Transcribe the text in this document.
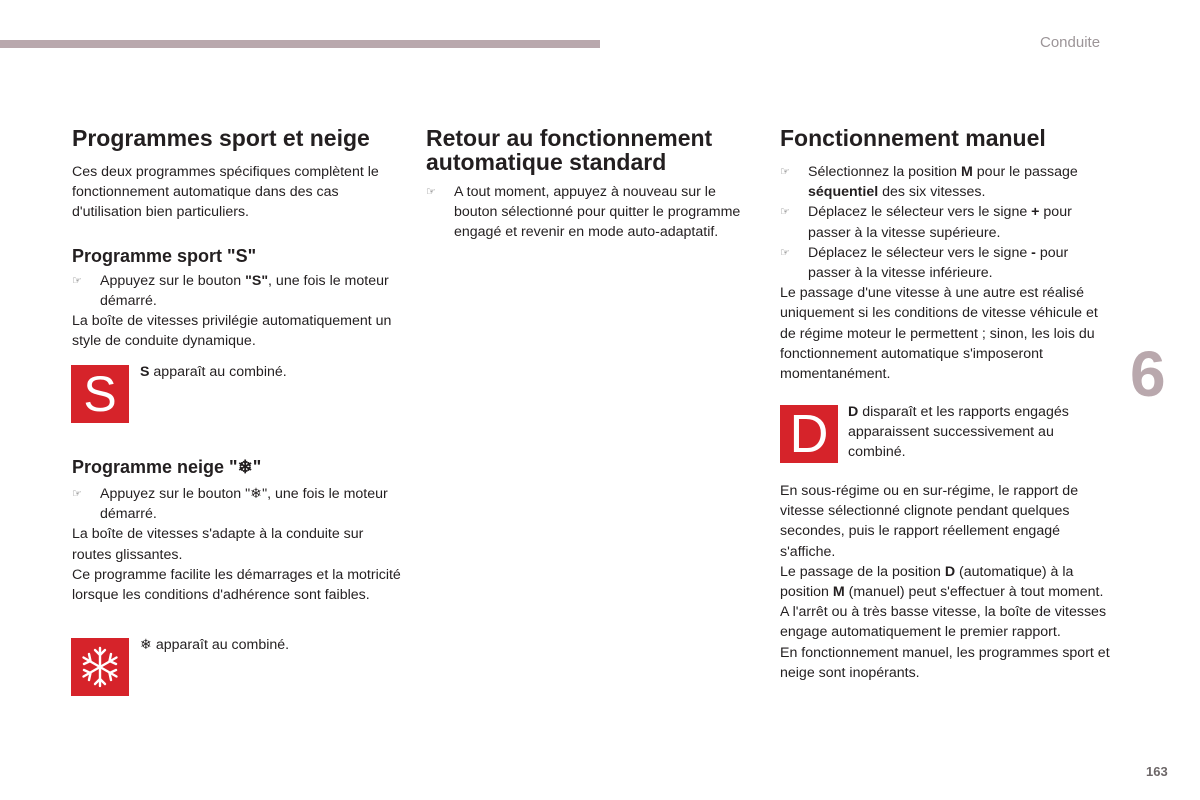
Conduite
6
163
Programmes sport et neige

Ces deux programmes spécifiques complètent le fonctionnement automatique dans des cas d'utilisation bien particuliers.

Programme sport "S"
☞ Appuyez sur le bouton "S", une fois le moteur démarré.

La boîte de vitesses privilégie automatiquement un style de conduite dynamique.

S	S apparaît au combiné.
Programme neige "❄"
☞ Appuyez sur le bouton "❄", une fois le moteur démarré.

La boîte de vitesses s'adapte à la conduite sur routes glissantes.

Ce programme facilite les démarrages et la motricité lorsque les conditions d'adhérence sont faibles.

❄ apparaît au combiné.
Retour au fonctionnement
automatique standard
☞ A tout moment, appuyez à nouveau sur le bouton sélectionné pour quitter le programme engagé et revenir en mode auto-adaptatif.
Fonctionnement manuel
☞ Sélectionnez la position M pour le passage séquentiel des six vitesses.
☞ Déplacez le sélecteur vers le signe + pour passer à la vitesse supérieure.
☞ Déplacez le sélecteur vers le signe - pour passer à la vitesse inférieure.

Le passage d'une vitesse à une autre est réalisé uniquement si les conditions de vitesse véhicule et de régime moteur le permettent ; sinon, les lois du fonctionnement automatique s'imposeront momentanément.

D	D disparaît et les rapports engagés apparaissent successivement au combiné.

En sous-régime ou en sur-régime, le rapport de vitesse sélectionné clignote pendant quelques secondes, puis le rapport réellement engagé s'affiche.

Le passage de la position D (automatique) à la position M (manuel) peut s'effectuer à tout moment.

A l'arrêt ou à très basse vitesse, la boîte de vitesses engage automatiquement le premier rapport.

En fonctionnement manuel, les programmes sport et neige sont inopérants.
